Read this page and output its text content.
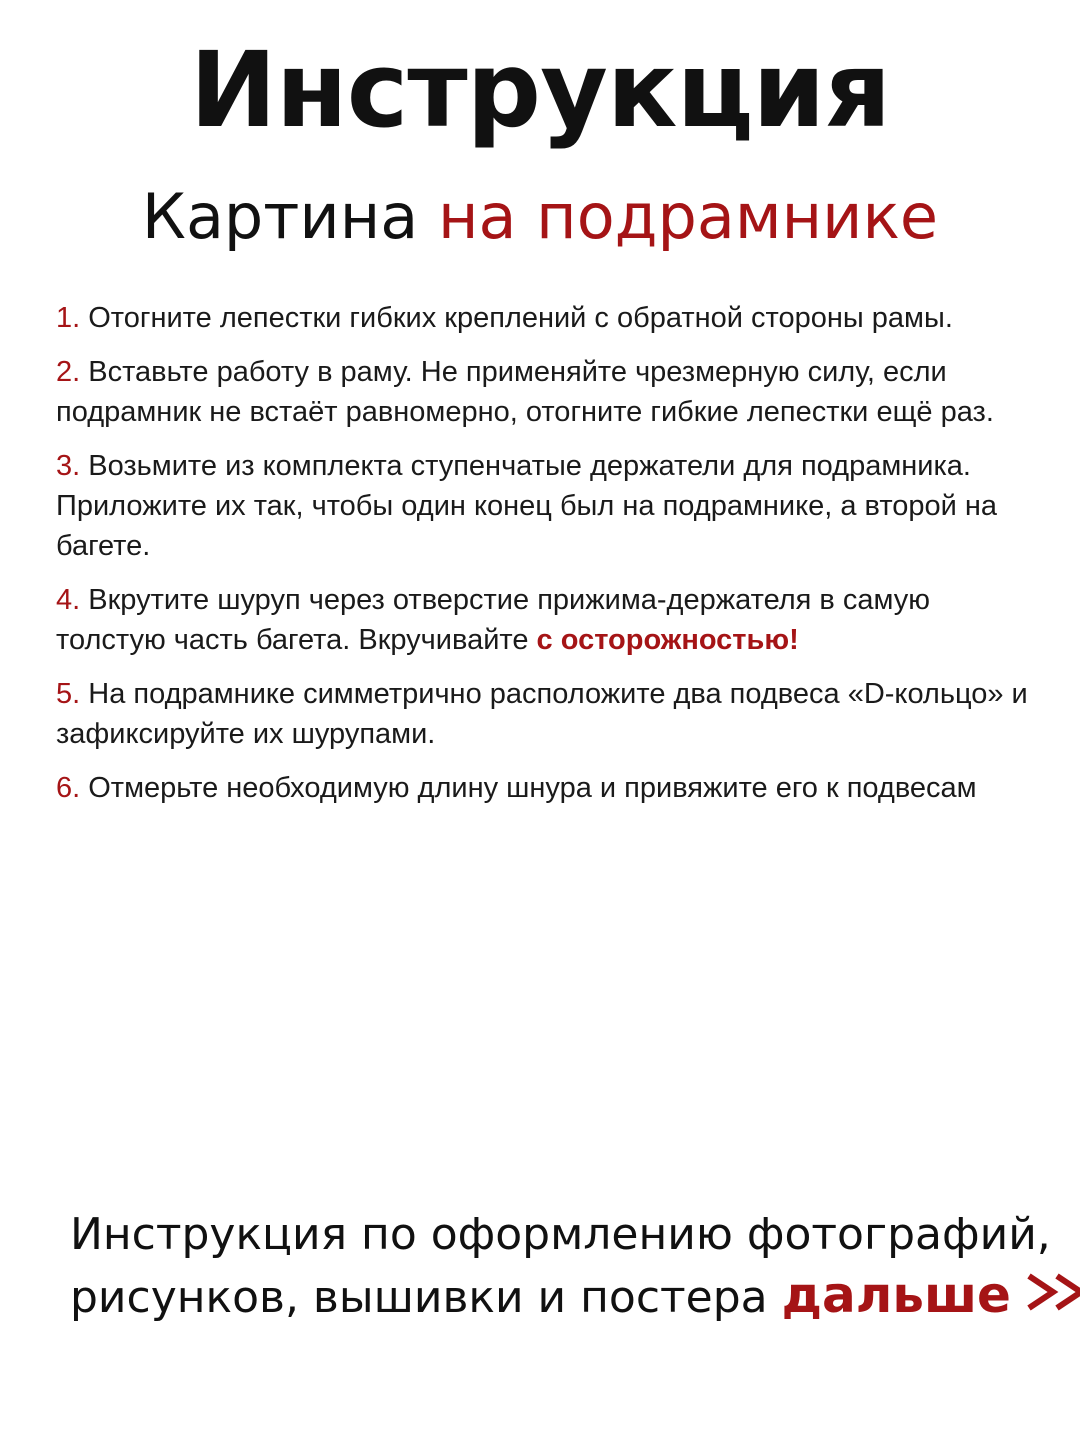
Инструкция
Картина на подрамнике
1. Отогните лепестки гибких креплений с обратной стороны рамы.
2. Вставьте работу в раму. Не применяйте чрезмерную силу, если подрамник не встаёт равномерно, отогните гибкие лепестки ещё раз.
3. Возьмите из комплекта ступенчатые держатели для подрамника. Приложите их так, чтобы один конец был на подрамнике, а второй на багете.
4. Вкрутите шуруп через отверстие прижима-держателя в самую толстую часть багета. Вкручивайте с осторожностью!
5. На подрамнике симметрично расположите два подвеса «D-кольцо» и зафиксируйте их шурупами.
6. Отмерьте необходимую длину шнура и привяжите его к подвесам
Инструкция по оформлению фотографий,
рисунков, вышивки и постера дальше
